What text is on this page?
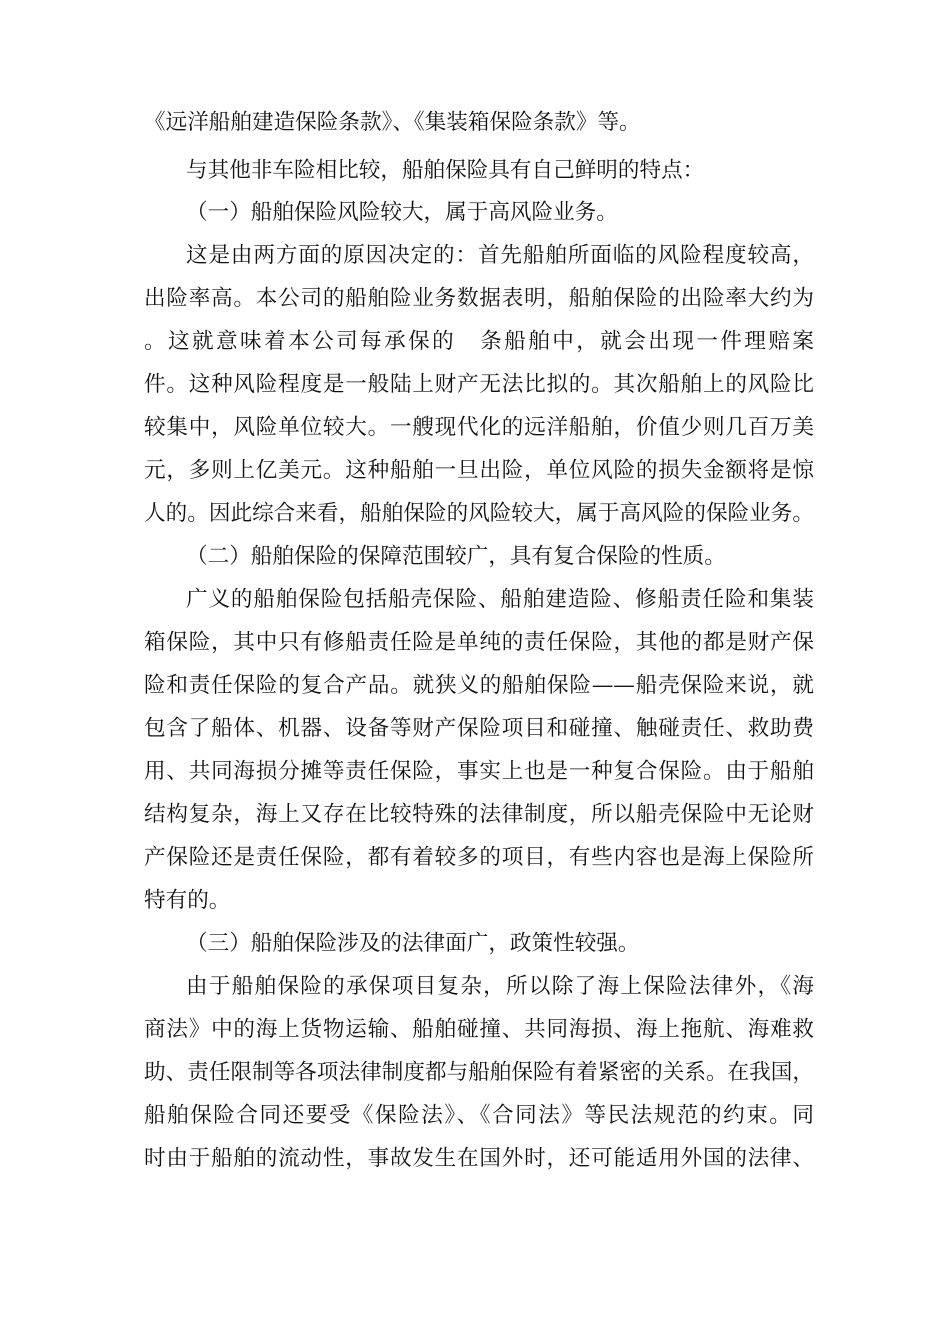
《远洋船舶建造保险条款》、《集装箱保险条款》等。
与其他非车险相比较，船舶保险具有自己鲜明的特点：
（一）船舶保险风险较大，属于高风险业务。
这是由两方面的原因决定的：首先船舶所面临的风险程度较高，
出险率高。本公司的船舶险业务数据表明，船舶保险的出险率大约为
。这就意味着本公司每承保的　条船舶中，就会出现一件理赔案
件。这种风险程度是一般陆上财产无法比拟的。其次船舶上的风险比
较集中，风险单位较大。一艘现代化的远洋船舶，价值少则几百万美
元，多则上亿美元。这种船舶一旦出险，单位风险的损失金额将是惊
人的。因此综合来看，船舶保险的风险较大，属于高风险的保险业务。
（二）船舶保险的保障范围较广，具有复合保险的性质。
广义的船舶保险包括船壳保险、船舶建造险、修船责任险和集装
箱保险，其中只有修船责任险是单纯的责任保险，其他的都是财产保
险和责任保险的复合产品。就狭义的船舶保险——船壳保险来说，就
包含了船体、机器、设备等财产保险项目和碰撞、触碰责任、救助费
用、共同海损分摊等责任保险，事实上也是一种复合保险。由于船舶
结构复杂，海上又存在比较特殊的法律制度，所以船壳保险中无论财
产保险还是责任保险，都有着较多的项目，有些内容也是海上保险所
特有的。
（三）船舶保险涉及的法律面广，政策性较强。
由于船舶保险的承保项目复杂，所以除了海上保险法律外，《海
商法》中的海上货物运输、船舶碰撞、共同海损、海上拖航、海难救
助、责任限制等各项法律制度都与船舶保险有着紧密的关系。在我国，
船舶保险合同还要受《保险法》、《合同法》等民法规范的约束。同
时由于船舶的流动性，事故发生在国外时，还可能适用外国的法律、
